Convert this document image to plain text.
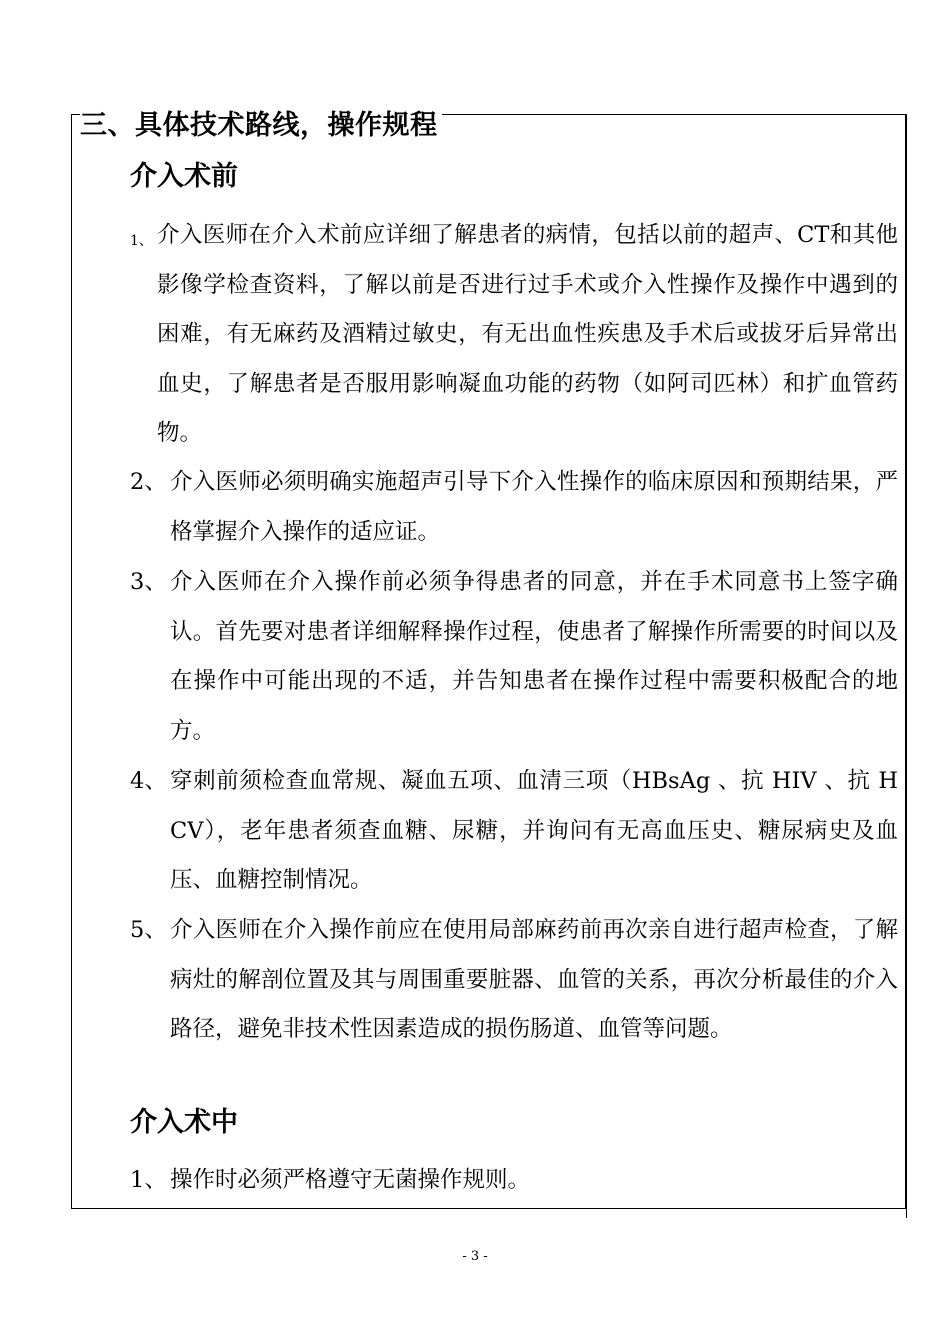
三、具体技术路线，操作规程
介入术前
1、 介入医师在介入术前应详细了解患者的病情，包括以前的超声、CT和其他影像学检查资料，了解以前是否进行过手术或介入性操作及操作中遇到的困难，有无麻药及酒精过敏史，有无出血性疾患及手术后或拔牙后异常出血史，了解患者是否服用影响凝血功能的药物（如阿司匹林）和扩血管药物。
2、 介入医师必须明确实施超声引导下介入性操作的临床原因和预期结果，严格掌握介入操作的适应证。
3、 介入医师在介入操作前必须争得患者的同意，并在手术同意书上签字确认。首先要对患者详细解释操作过程，使患者了解操作所需要的时间以及在操作中可能出现的不适，并告知患者在操作过程中需要积极配合的地方。
4、 穿刺前须检查血常规、凝血五项、血清三项（HBsAg 、抗 HIV 、抗 HCV），老年患者须查血糖、尿糖，并询问有无高血压史、糖尿病史及血压、血糖控制情况。
5、 介入医师在介入操作前应在使用局部麻药前再次亲自进行超声检查，了解病灶的解剖位置及其与周围重要脏器、血管的关系，再次分析最佳的介入路径，避免非技术性因素造成的损伤肠道、血管等问题。
介入术中
1、 操作时必须严格遵守无菌操作规则。
- 3 -
